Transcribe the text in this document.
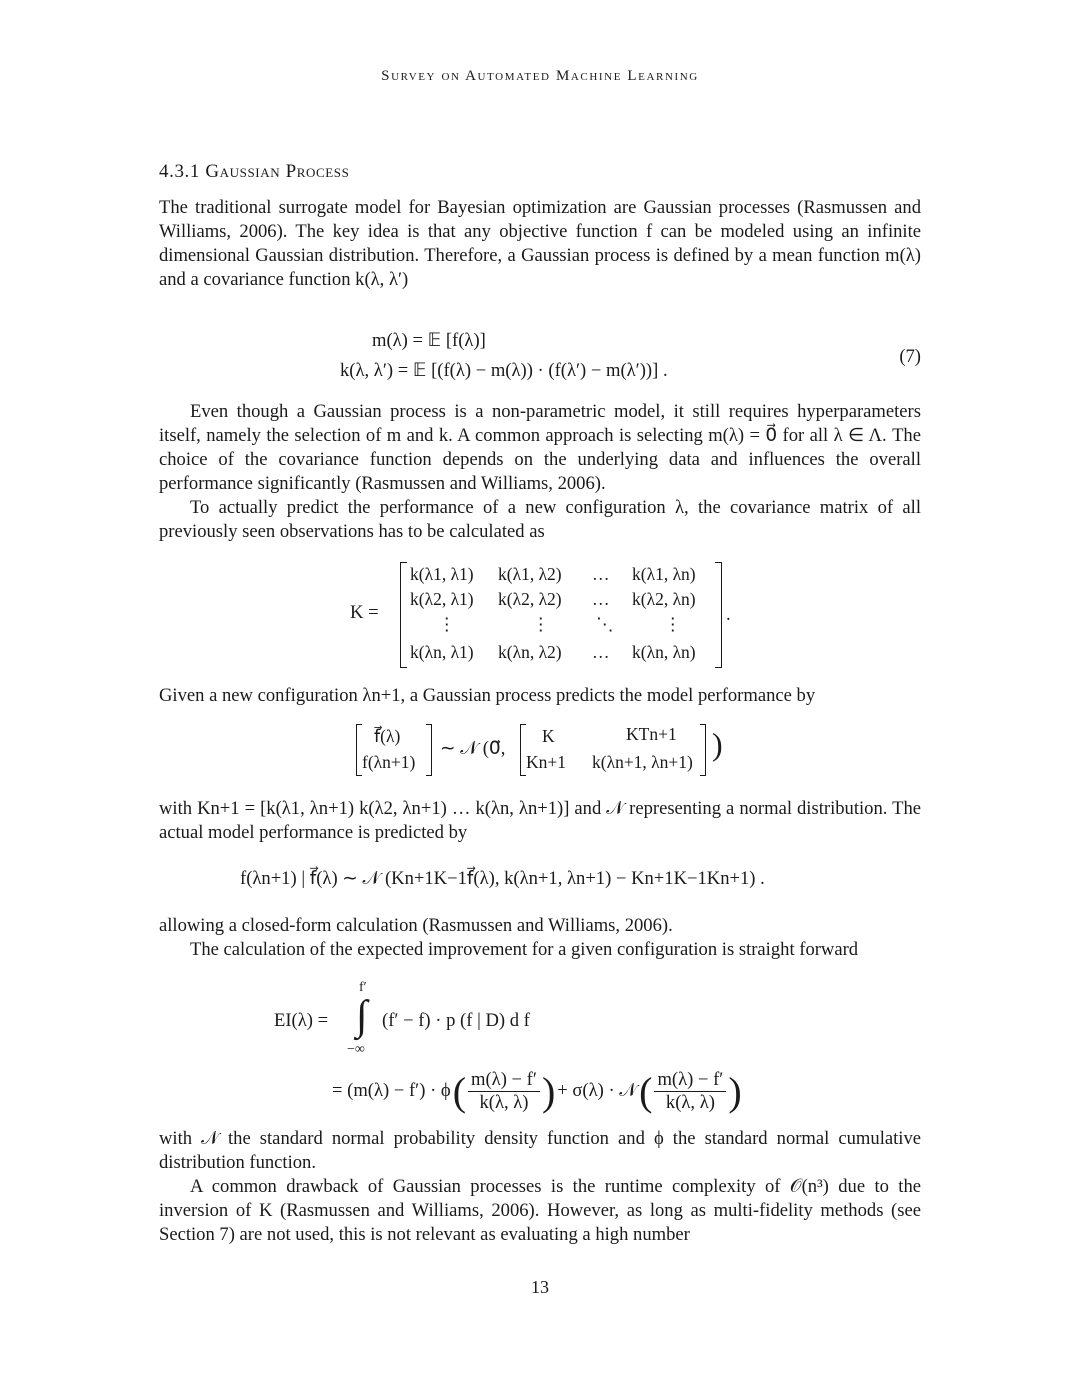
Survey on Automated Machine Learning
4.3.1 Gaussian Process
The traditional surrogate model for Bayesian optimization are Gaussian processes (Rasmussen and Williams, 2006). The key idea is that any objective function f can be modeled using an infinite dimensional Gaussian distribution. Therefore, a Gaussian process is defined by a mean function m(λ) and a covariance function k(λ, λ′)
m(λ) = 𝔼 [f(λ)]
k(λ, λ′) = 𝔼 [(f(λ) − m(λ)) · (f(λ′) − m(λ′))] .
(7)
Even though a Gaussian process is a non-parametric model, it still requires hyperparameters itself, namely the selection of m and k. A common approach is selecting m(λ) = 0⃗ for all λ ∈ Λ. The choice of the covariance function depends on the underlying data and influences the overall performance significantly (Rasmussen and Williams, 2006).
To actually predict the performance of a new configuration λ, the covariance matrix of all previously seen observations has to be calculated as
K =
k(λ1, λ1) k(λ1, λ2) … k(λ1, λn)
k(λ2, λ1) k(λ2, λ2) … k(λ2, λn)
⋮	⋮	⋱	⋮
k(λn, λ1) k(λn, λ2) … k(λn, λn)
.
Given a new configuration λn+1, a Gaussian process predicts the model performance by
f⃗(λ)
f(λn+1)
∼ 𝒩 (0⃗,
K	KTn+1
Kn+1 k(λn+1, λn+1) )
with Kn+1 = [k(λ1, λn+1) k(λ2, λn+1) … k(λn, λn+1)] and 𝒩 representing a normal distribution. The actual model performance is predicted by
f(λn+1) | f⃗(λ) ∼ 𝒩 (Kn+1K−1f⃗(λ), k(λn+1, λn+1) − Kn+1K−1Kn+1) .
allowing a closed-form calculation (Rasmussen and Williams, 2006).
The calculation of the expected improvement for a given configuration is straight forward
EI(λ) =
f′
∫
−∞
(f′ − f) · p (f | D) d f
= (m(λ) − f′) · ϕ ( $\frac{m(\lambda) - f'}{k(\lambda, \lambda)}$ ) + σ(λ) · 𝒩 ( $\frac{m(\lambda) - f'}{k(\lambda, \lambda)}$ )
with 𝒩 the standard normal probability density function and ϕ the standard normal cumulative distribution function.
A common drawback of Gaussian processes is the runtime complexity of 𝒪(n³) due to the inversion of K (Rasmussen and Williams, 2006). However, as long as multi-fidelity methods (see Section 7) are not used, this is not relevant as evaluating a high number
13
